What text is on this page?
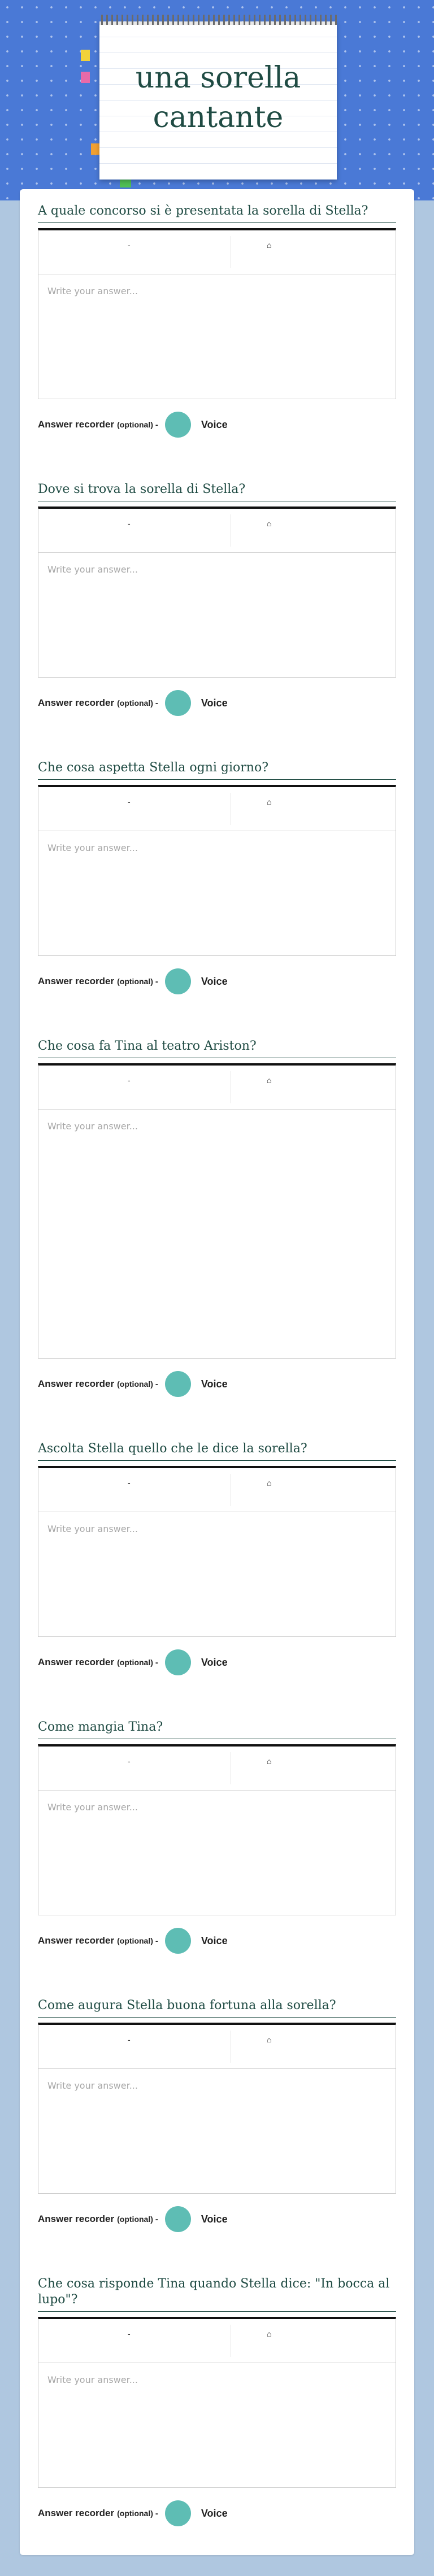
una sorella cantante

A quale concorso si è presentata la sorella di Stella?

-	⌂
Write your answer...
Answer recorder (optional) -	Voice

Dove si trova la sorella di Stella?

-	⌂
Write your answer...
Answer recorder (optional) -	Voice

Che cosa aspetta Stella ogni giorno?

-	⌂
Write your answer...
Answer recorder (optional) -	Voice

Che cosa fa Tina al teatro Ariston?

-	⌂
Write your answer...
Answer recorder (optional) -	Voice

Ascolta Stella quello che le dice la sorella?

-	⌂
Write your answer...
Answer recorder (optional) -	Voice

Come mangia Tina?

-	⌂
Write your answer...
Answer recorder (optional) -	Voice

Come augura Stella buona fortuna alla sorella?

-	⌂
Write your answer...
Answer recorder (optional) -	Voice

Che cosa risponde Tina quando Stella dice: "In bocca al lupo"?

-	⌂
Write your answer...
Answer recorder (optional) -	Voice
